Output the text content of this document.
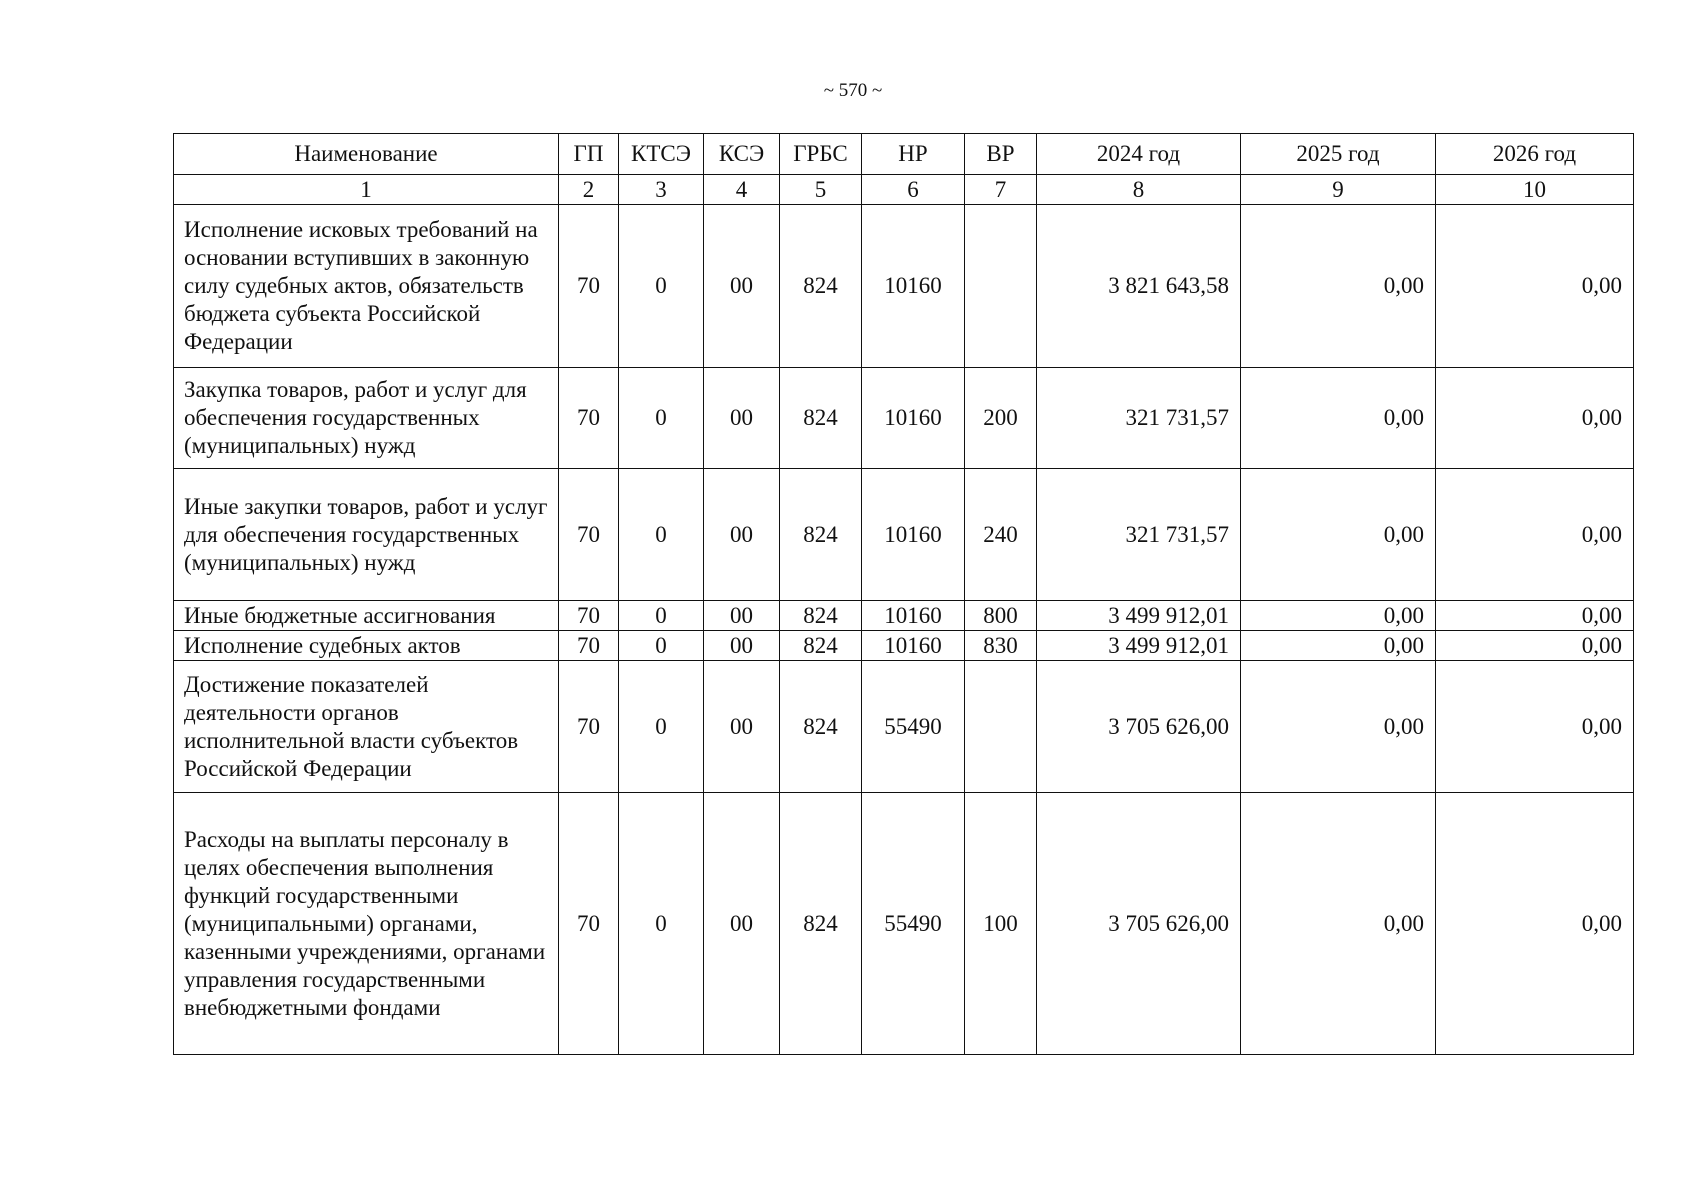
~ 570 ~
Наименование	ГП	КТСЭ	КСЭ	ГРБС	НР	ВР	2024 год	2025 год	2026 год
1	2	3	4	5	6	7	8	9	10
Исполнение исковых требований на основании вступивших в законную силу судебных актов, обязательств бюджета субъекта Российской Федерации	70	0	00	824	10160		3 821 643,58	0,00	0,00
Закупка товаров, работ и услуг для обеспечения государственных (муниципальных) нужд	70	0	00	824	10160	200	321 731,57	0,00	0,00
Иные закупки товаров, работ и услуг для обеспечения государственных (муниципальных) нужд	70	0	00	824	10160	240	321 731,57	0,00	0,00
Иные бюджетные ассигнования	70	0	00	824	10160	800	3 499 912,01	0,00	0,00
Исполнение судебных актов	70	0	00	824	10160	830	3 499 912,01	0,00	0,00
Достижение показателей деятельности органов исполнительной власти субъектов Российской Федерации	70	0	00	824	55490		3 705 626,00	0,00	0,00
Расходы на выплаты персоналу в целях обеспечения выполнения функций государственными (муниципальными) органами, казенными учреждениями, органами управления государственными внебюджетными фондами	70	0	00	824	55490	100	3 705 626,00	0,00	0,00
